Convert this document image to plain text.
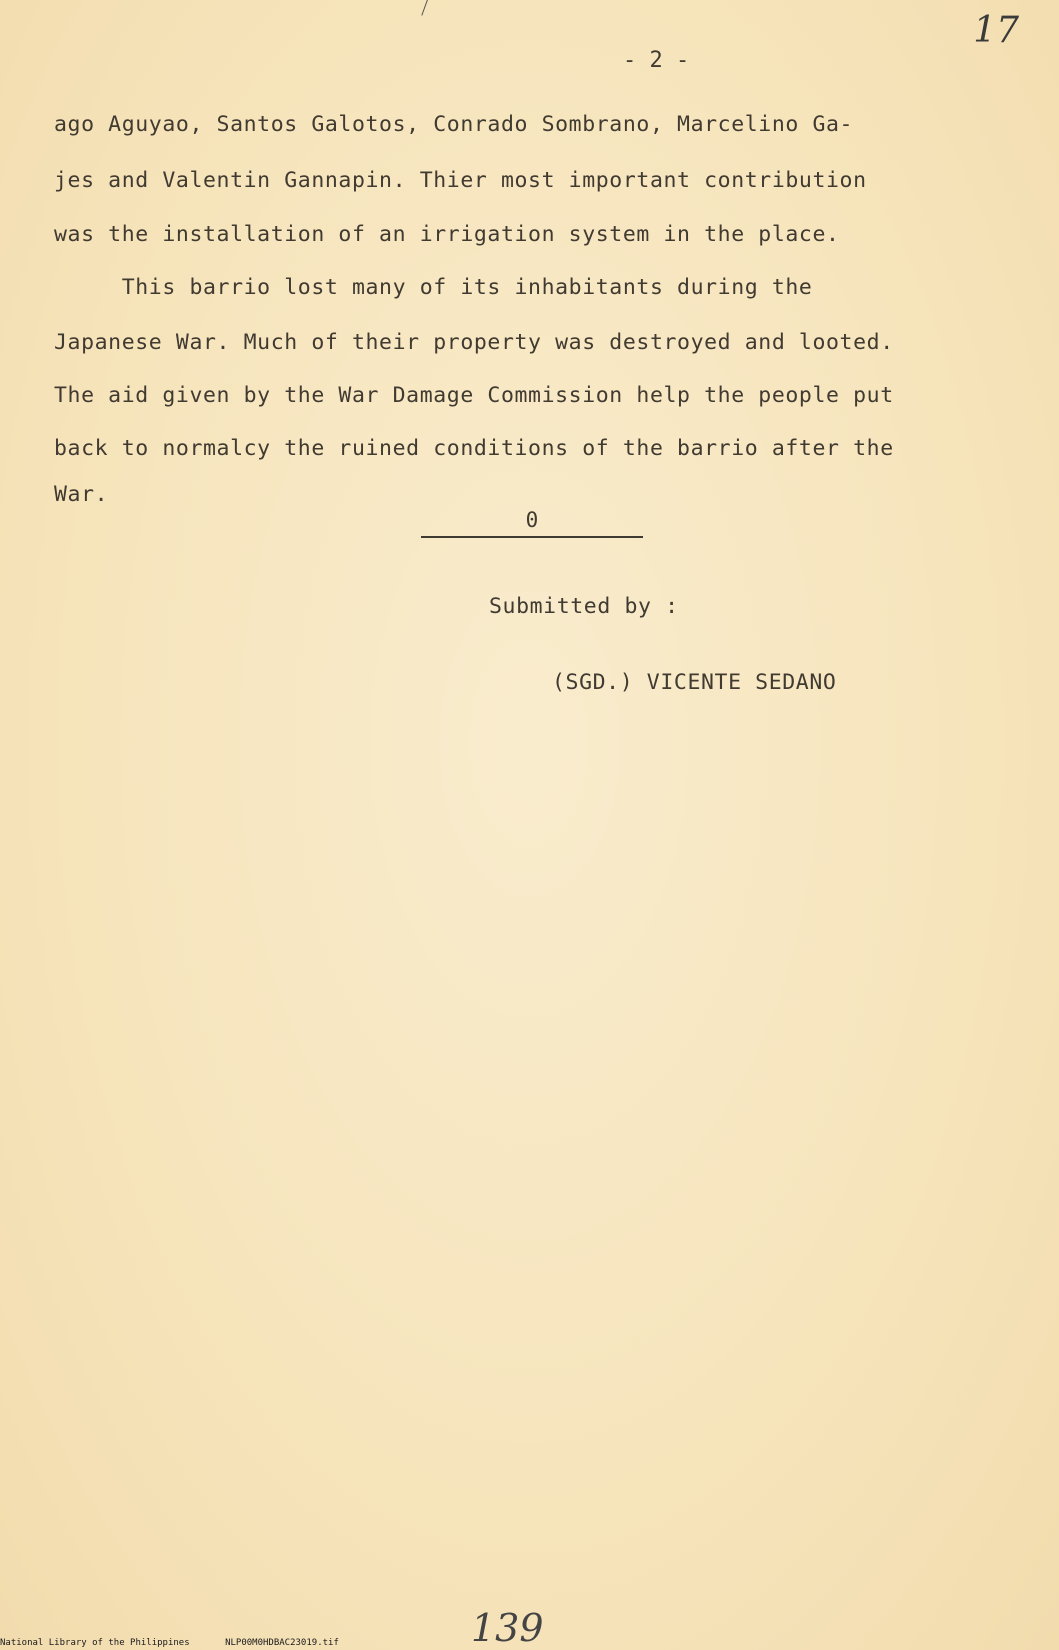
- 2 -
17
ago Aguyao, Santos Galotos, Conrado Sombrano, Marcelino Ga-
jes and Valentin Gannapin. Thier most important contribution
was the installation of an irrigation system in the place.
This barrio lost many of its inhabitants during the
Japanese War. Much of their property was destroyed and looted.
The aid given by the War Damage Commission help the people put
back to normalcy the ruined conditions of the barrio after the
War.
0
Submitted by :
(SGD.) VICENTE SEDANO
139
National Library of the Philippines	NLP00M0HDBAC23019.tif
